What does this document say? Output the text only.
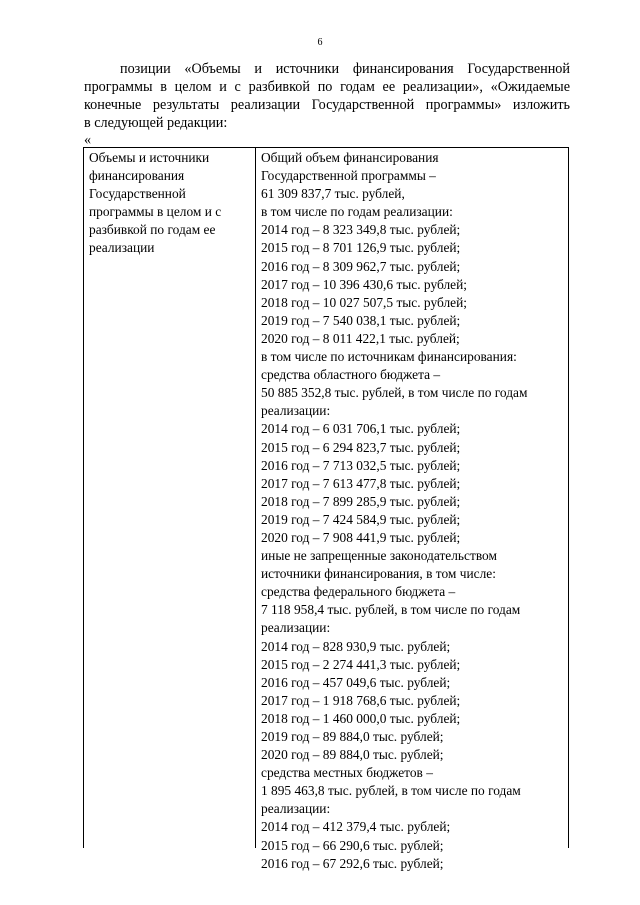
6

позиции «Объемы и источники финансирования Государственной
программы в целом и с разбивкой по годам ее реализации», «Ожидаемые
конечные результаты реализации Государственной программы» изложить
в следующей редакции:

«
Объемы и источники
финансирования
Государственной
программы в целом и с
разбивкой по годам ее
реализации
Общий объем финансирования
Государственной программы –
61 309 837,7 тыс. рублей,
в том числе по годам реализации:
2014 год – 8 323 349,8 тыс. рублей;
2015 год – 8 701 126,9 тыс. рублей;
2016 год – 8 309 962,7 тыс. рублей;
2017 год – 10 396 430,6 тыс. рублей;
2018 год – 10 027 507,5 тыс. рублей;
2019 год – 7 540 038,1 тыс. рублей;
2020 год – 8 011 422,1 тыс. рублей;
в том числе по источникам финансирования:
средства областного бюджета –
50 885 352,8 тыс. рублей, в том числе по годам
реализации:
2014 год – 6 031 706,1 тыс. рублей;
2015 год – 6 294 823,7 тыс. рублей;
2016 год – 7 713 032,5 тыс. рублей;
2017 год – 7 613 477,8 тыс. рублей;
2018 год – 7 899 285,9 тыс. рублей;
2019 год – 7 424 584,9 тыс. рублей;
2020 год – 7 908 441,9 тыс. рублей;
иные не запрещенные законодательством
источники финансирования, в том числе:
средства федерального бюджета –
7 118 958,4 тыс. рублей, в том числе по годам
реализации:
2014 год – 828 930,9 тыс. рублей;
2015 год – 2 274 441,3 тыс. рублей;
2016 год – 457 049,6 тыс. рублей;
2017 год – 1 918 768,6 тыс. рублей;
2018 год – 1 460 000,0 тыс. рублей;
2019 год – 89 884,0 тыс. рублей;
2020 год – 89 884,0 тыс. рублей;
средства местных бюджетов –
1 895 463,8 тыс. рублей, в том числе по годам
реализации:
2014 год – 412 379,4 тыс. рублей;
2015 год – 66 290,6 тыс. рублей;
2016 год – 67 292,6 тыс. рублей;
